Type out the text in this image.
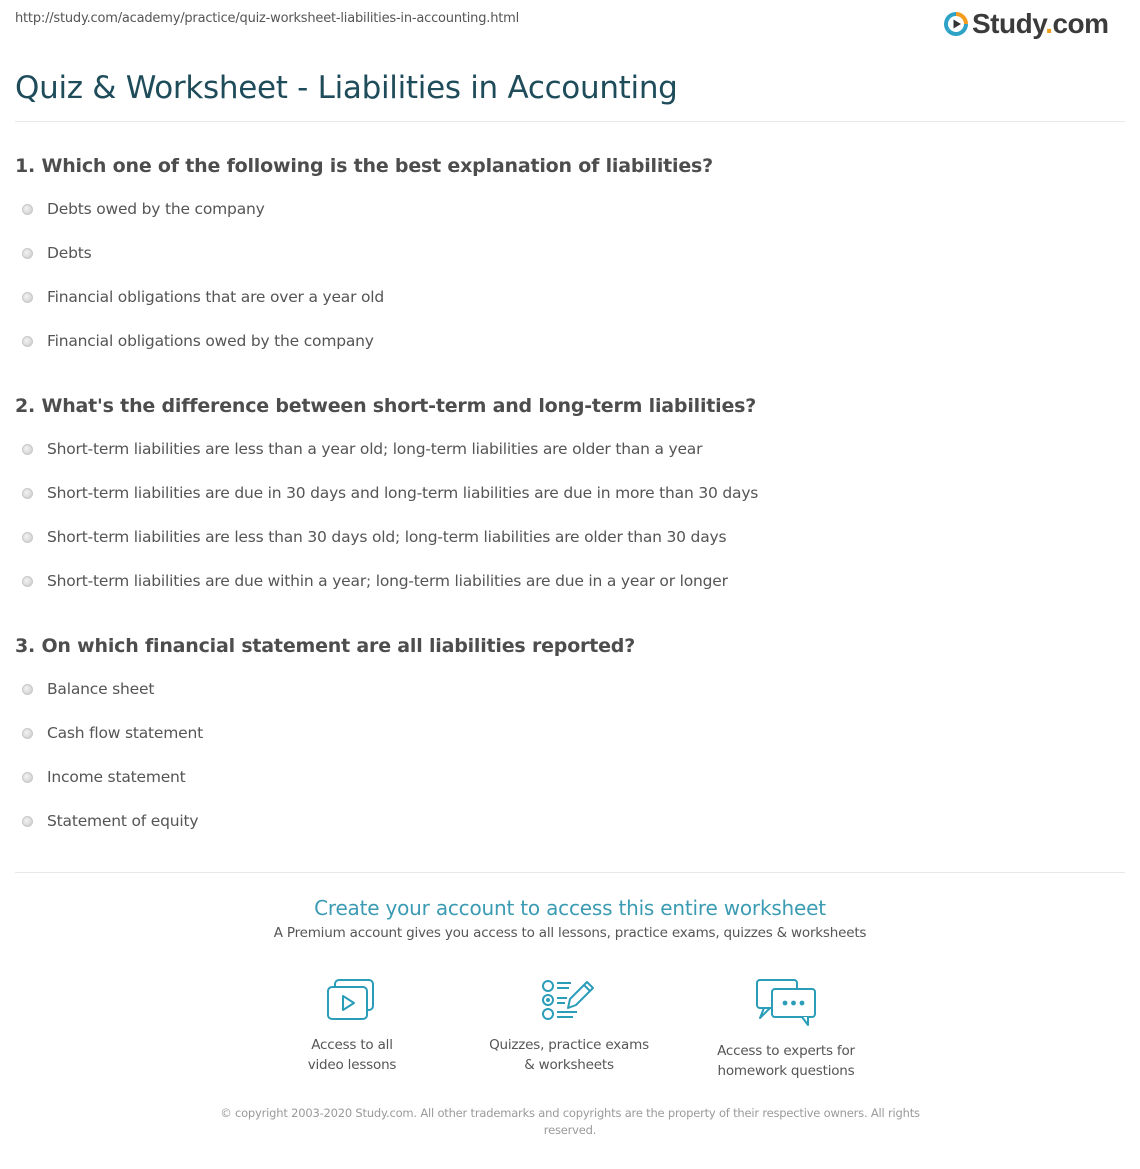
http://study.com/academy/practice/quiz-worksheet-liabilities-in-accounting.html	Study.com
Quiz & Worksheet - Liabilities in Accounting
1. Which one of the following is the best explanation of liabilities?
Debts owed by the company
Debts
Financial obligations that are over a year old
Financial obligations owed by the company
2. What's the difference between short-term and long-term liabilities?
Short-term liabilities are less than a year old; long-term liabilities are older than a year
Short-term liabilities are due in 30 days and long-term liabilities are due in more than 30 days
Short-term liabilities are less than 30 days old; long-term liabilities are older than 30 days
Short-term liabilities are due within a year; long-term liabilities are due in a year or longer
3. On which financial statement are all liabilities reported?
Balance sheet
Cash flow statement
Income statement
Statement of equity
Create your account to access this entire worksheet
A Premium account gives you access to all lessons, practice exams, quizzes & worksheets
Access to all
video lessons
Quizzes, practice exams
& worksheets
Access to experts for
homework questions
© copyright 2003-2020 Study.com. All other trademarks and copyrights are the property of their respective owners. All rights reserved.
